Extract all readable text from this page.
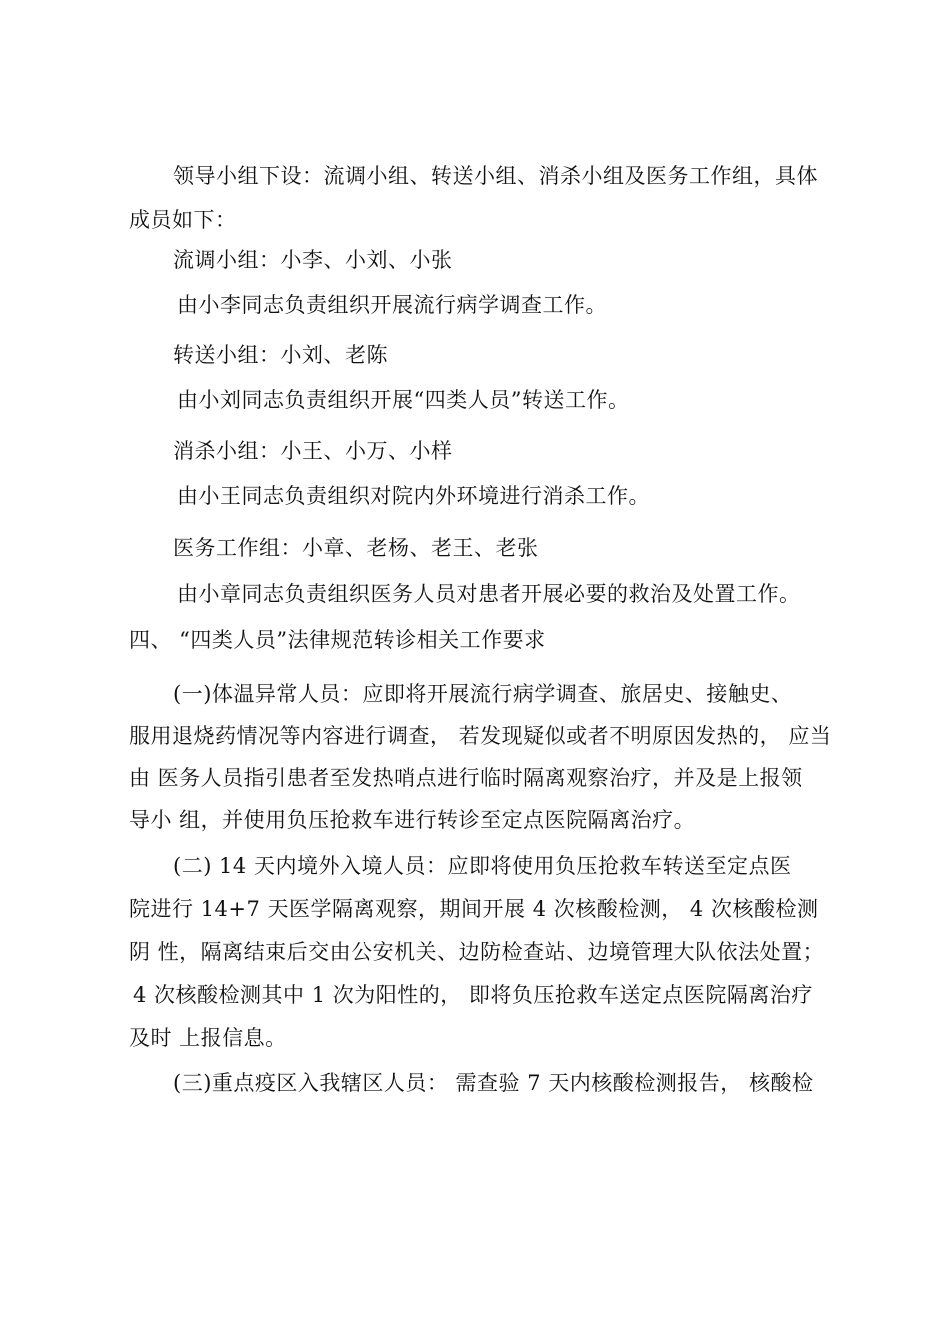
领导小组下设：流调小组、转送小组、消杀小组及医务工作组，具体
成员如下：
流调小组：小李、小刘、小张
由小李同志负责组织开展流行病学调查工作。
转送小组：小刘、老陈
由小刘同志负责组织开展“四类人员”转送工作。
消杀小组：小王、小万、小样
由小王同志负责组织对院内外环境进行消杀工作。
医务工作组：小章、老杨、老王、老张
由小章同志负责组织医务人员对患者开展必要的救治及处置工作。
四、 “四类人员”法律规范转诊相关工作要求
(一)体温异常人员：应即将开展流行病学调查、旅居史、接触史、
服用退烧药情况等内容进行调查， 若发现疑似或者不明原因发热的， 应当
由 医务人员指引患者至发热哨点进行临时隔离观察治疗，并及是上报领
导小 组，并使用负压抢救车进行转诊至定点医院隔离治疗。
(二) 14 天内境外入境人员：应即将使用负压抢救车转送至定点医
院进行 14+7 天医学隔离观察，期间开展 4 次核酸检测， 4 次核酸检测
阴 性，隔离结束后交由公安机关、边防检查站、边境管理大队依法处置；
4 次核酸检测其中 1 次为阳性的， 即将负压抢救车送定点医院隔离治疗
及时 上报信息。
(三)重点疫区入我辖区人员： 需查验 7 天内核酸检测报告， 核酸检
